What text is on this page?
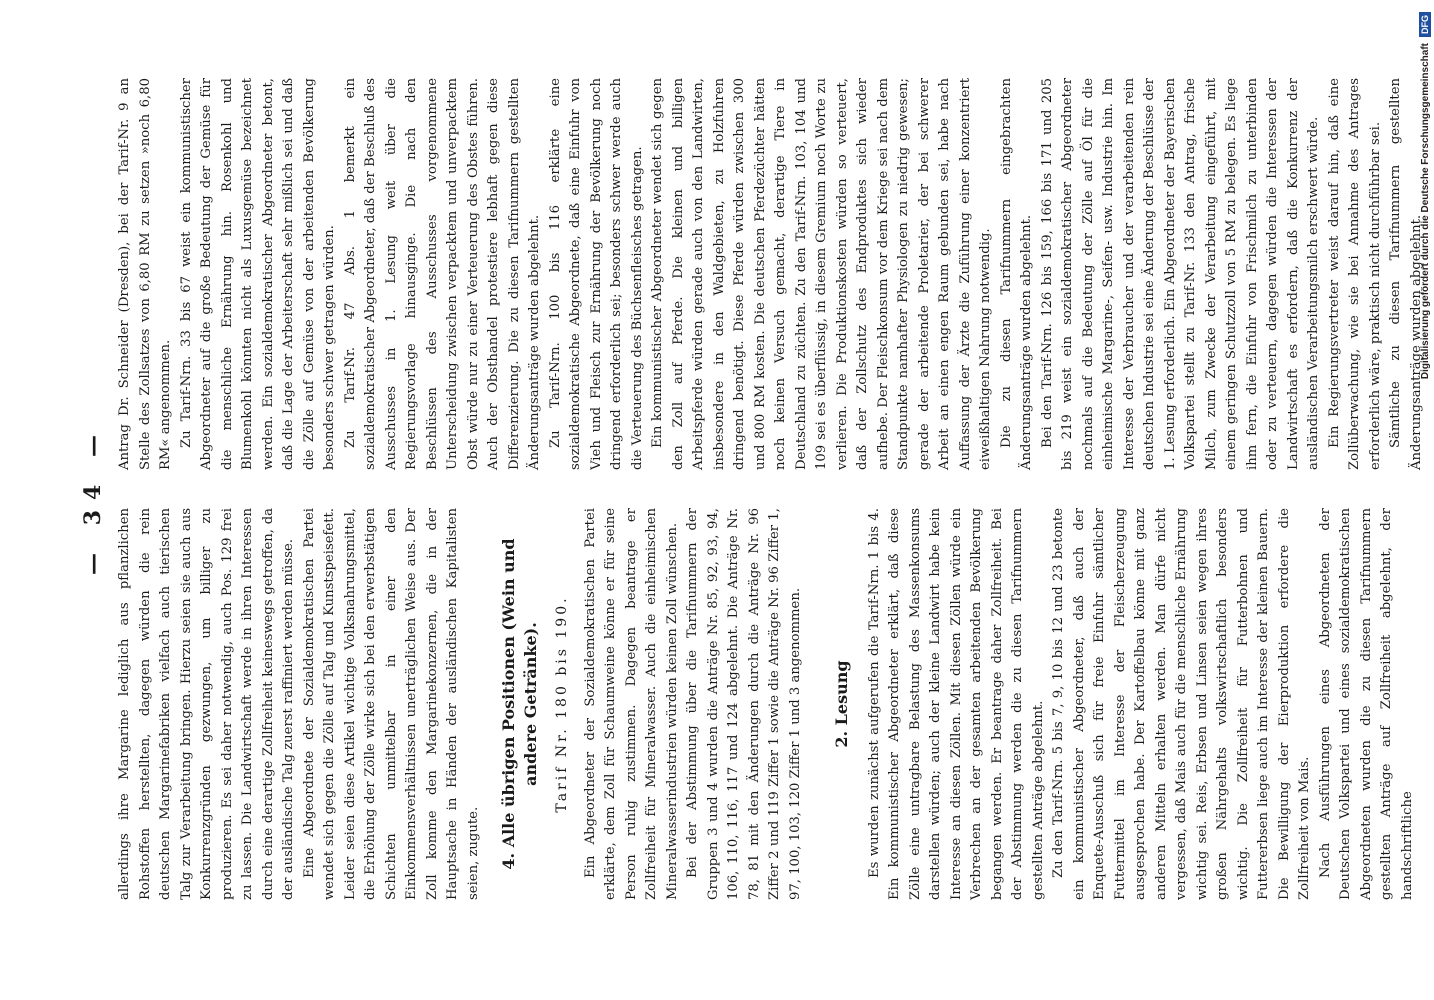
— 34 —

allerdings ihre Margarine lediglich aus pflanzlichen Rohstoffen herstellten, dagegen würden die rein deutschen Margarinefabriken vielfach auch tierischen Talg zur Verarbeitung bringen. Hierzu seien sie auch aus Konkurrenzgründen gezwungen, um billiger zu produzieren. Es sei daher notwendig, auch Pos. 129 frei zu lassen. Die Landwirtschaft werde in ihren Interessen durch eine derartige Zollfreiheit keineswegs getroffen, da der ausländische Talg zuerst raffiniert werden müsse. Eine Abgeordnete der Sozialdemokratischen Partei wendet sich gegen die Zölle auf Talg und Kunstspeisefett. Leider seien diese Artikel wichtige Volksnahrungsmittel, die Erhöhung der Zölle wirke sich bei den erwerbstätigen Schichten unmittelbar in einer den Einkommensverhältnissen unerträglichen Weise aus. Der Zoll komme den Margarinekonzernen, die in der Hauptsache in Händen der ausländischen Kapitalisten seien, zugute. 4. Alle übrigen Positionen (Wein und andere Getränke). Tarif Nr. 180 bis 190. Ein Abgeordneter der Sozialdemokratischen Partei erklärte, dem Zoll für Schaumweine könne er für seine Person ruhig zustimmen. Dagegen beantrage er Zollfreiheit für Mineralwasser. Auch die einheimischen Mineralwasserindustrien würden keinen Zoll wünschen. Bei der Abstimmung über die Tarifnummern der Gruppen 3 und 4 wurden die Anträge Nr. 85, 92, 93, 94, 106, 110, 116, 117 und 124 abgelehnt. Die Anträge Nr. 78, 81 mit den Änderungen durch die Anträge Nr. 96 Ziffer 2 und 119 Ziffer 1 sowie die Anträge Nr. 96 Ziffer 1, 97, 100, 103, 120 Ziffer 1 und 3 angenommen. 2. Lesung Es wurden zunächst aufgerufen die Tarif-Nrn. 1 bis 4. Ein kommunistischer Abgeordneter erklärt, daß diese Zölle eine untragbare Belastung des Massenkonsums darstellen würden; auch der kleine Landwirt habe kein Interesse an diesen Zöllen. Mit diesen Zöllen würde ein Verbrechen an der gesamten arbeitenden Bevölkerung begangen werden. Er beantrage daher Zollfreiheit. Bei der Abstimmung werden die zu diesen Tarifnummern gestellten Anträge abgelehnt. Zu den Tarif-Nrn. 5 bis 7, 9, 10 bis 12 und 23 betonte ein kommunistischer Abgeordneter, daß auch der Enquete-Ausschuß sich für freie Einfuhr sämtlicher Futtermittel im Interesse der Fleischerzeugung ausgesprochen habe. Der Kartoffelbau könne mit ganz anderen Mitteln erhalten werden. Man dürfe nicht vergessen, daß Mais auch für die menschliche Ernährung wichtig sei. Reis, Erbsen und Linsen seien wegen ihres großen Nährgehalts volkswirtschaftlich besonders wichtig. Die Zollfreiheit für Futterbohnen und Futtererbsen liege auch im Interesse der kleinen Bauern. Die Bewilligung der Eierproduktion erfordere die Zollfreiheit von Mais. Nach Ausführungen eines Abgeordneten der Deutschen Volkspartei und eines sozialdemokratischen Abgeordneten wurden die zu diesen Tarifnummern gestellten Anträge auf Zollfreiheit abgelehnt, der handschriftliche

Antrag Dr. Schneider (Dresden), bei der Tarif-Nr. 9 an Stelle des Zollsatzes von 6,80 RM zu setzen »noch 6,80 RM« angenommen. Zu Tarif-Nrn. 33 bis 67 weist ein kommunistischer Abgeordneter auf die große Bedeutung der Gemüse für die menschliche Ernährung hin. Rosenkohl und Blumenkohl könnten nicht als Luxusgemüse bezeichnet werden. Ein sozialdemokratischer Abgeordneter betont, daß die Lage der Arbeiterschaft sehr mißlich sei und daß die Zölle auf Gemüse von der arbeitenden Bevölkerung besonders schwer getragen würden. Zu Tarif-Nr. 47 Abs. 1 bemerkt ein sozialdemokratischer Abgeordneter, daß der Beschluß des Ausschusses in 1. Lesung weit über die Regierungsvorlage hinausginge. Die nach den Beschlüssen des Ausschusses vorgenommene Unterscheidung zwischen verpacktem und unverpacktem Obst würde nur zu einer Verteuerung des Obstes führen. Auch der Obsthandel protestiere lebhaft gegen diese Differenzierung. Die zu diesen Tarifnummern gestellten Änderungsanträge wurden abgelehnt. Zu Tarif-Nrn. 100 bis 116 erklärte eine sozialdemokratische Abgeordnete, daß eine Einfuhr von Vieh und Fleisch zur Ernährung der Bevölkerung noch dringend erforderlich sei; besonders schwer werde auch die Verteuerung des Büchsenfleisches getragen. Ein kommunistischer Abgeordneter wendet sich gegen den Zoll auf Pferde. Die kleinen und billigen Arbeitspferde würden gerade auch von den Landwirten, insbesondere in den Waldgebieten, zu Holzfuhren dringend benötigt. Diese Pferde würden zwischen 300 und 800 RM kosten. Die deutschen Pferdezüchter hätten noch keinen Versuch gemacht, derartige Tiere in Deutschland zu züchten. Zu den Tarif-Nrn. 103, 104 und 109 sei es überflüssig, in diesem Gremium noch Worte zu verlieren. Die Produktionskosten würden so verteuert, daß der Zollschutz des Endproduktes sich wieder aufhebe. Der Fleischkonsum vor dem Kriege sei nach dem Standpunkte namhafter Physiologen zu niedrig gewesen; gerade der arbeitende Proletarier, der bei schwerer Arbeit an einen engen Raum gebunden sei, habe nach Auffassung der Ärzte die Zuführung einer konzentriert eiweißhaltigen Nahrung notwendig. Die zu diesen Tarifnummern eingebrachten Änderungsanträge wurden abgelehnt. Bei den Tarif-Nrn. 126 bis 159, 166 bis 171 und 205 bis 219 weist ein sozialdemokratischer Abgeordneter nochmals auf die Bedeutung der Zölle auf Öl für die einheimische Margarine-, Seifen- usw. Industrie hin. Im Interesse der Verbraucher und der verarbeitenden rein deutschen Industrie sei eine Änderung der Beschlüsse der 1. Lesung erforderlich. Ein Abgeordneter der Bayerischen Volkspartei stellt zu Tarif-Nr. 133 den Antrag, frische Milch, zum Zwecke der Verarbeitung eingeführt, mit einem geringen Schutzzoll von 5 RM zu belegen. Es liege ihm fern, die Einfuhr von Frischmilch zu unterbinden oder zu verteuern, dagegen würden die Interessen der Landwirtschaft es erfordern, daß die Konkurrenz der ausländischen Verarbeitungsmilch erschwert würde. Ein Regierungsvertreter weist darauf hin, daß eine Zollüberwachung, wie sie bei Annahme des Antrages erforderlich wäre, praktisch nicht durchführbar sei. Sämtliche zu diesen Tarifnummern gestellten Änderungsanträge wurden abgelehnt.

Digitalisierung gefördert durch die Deutsche Forschungsgemeinschaft
DFG
